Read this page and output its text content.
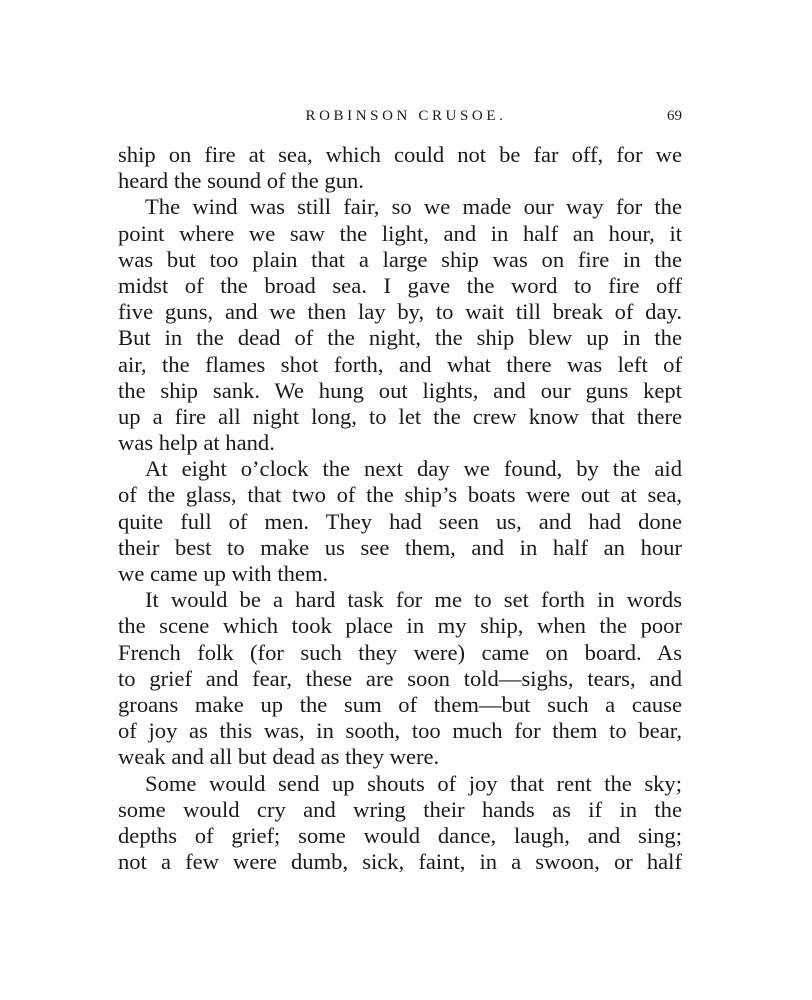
ROBINSON CRUSOE.	69
ship on fire at sea, which could not be far off, for we
heard the sound of the gun.
The wind was still fair, so we made our way for the
point where we saw the light, and in half an hour, it
was but too plain that a large ship was on fire in the
midst of the broad sea. I gave the word to fire off
five guns, and we then lay by, to wait till break of day.
But in the dead of the night, the ship blew up in the
air, the flames shot forth, and what there was left of
the ship sank. We hung out lights, and our guns kept
up a fire all night long, to let the crew know that there
was help at hand.
At eight o’clock the next day we found, by the aid
of the glass, that two of the ship’s boats were out at sea,
quite full of men. They had seen us, and had done
their best to make us see them, and in half an hour
we came up with them.
It would be a hard task for me to set forth in words
the scene which took place in my ship, when the poor
French folk (for such they were) came on board. As
to grief and fear, these are soon told—sighs, tears, and
groans make up the sum of them—but such a cause
of joy as this was, in sooth, too much for them to bear,
weak and all but dead as they were.
Some would send up shouts of joy that rent the sky;
some would cry and wring their hands as if in the
depths of grief; some would dance, laugh, and sing;
not a few were dumb, sick, faint, in a swoon, or half
